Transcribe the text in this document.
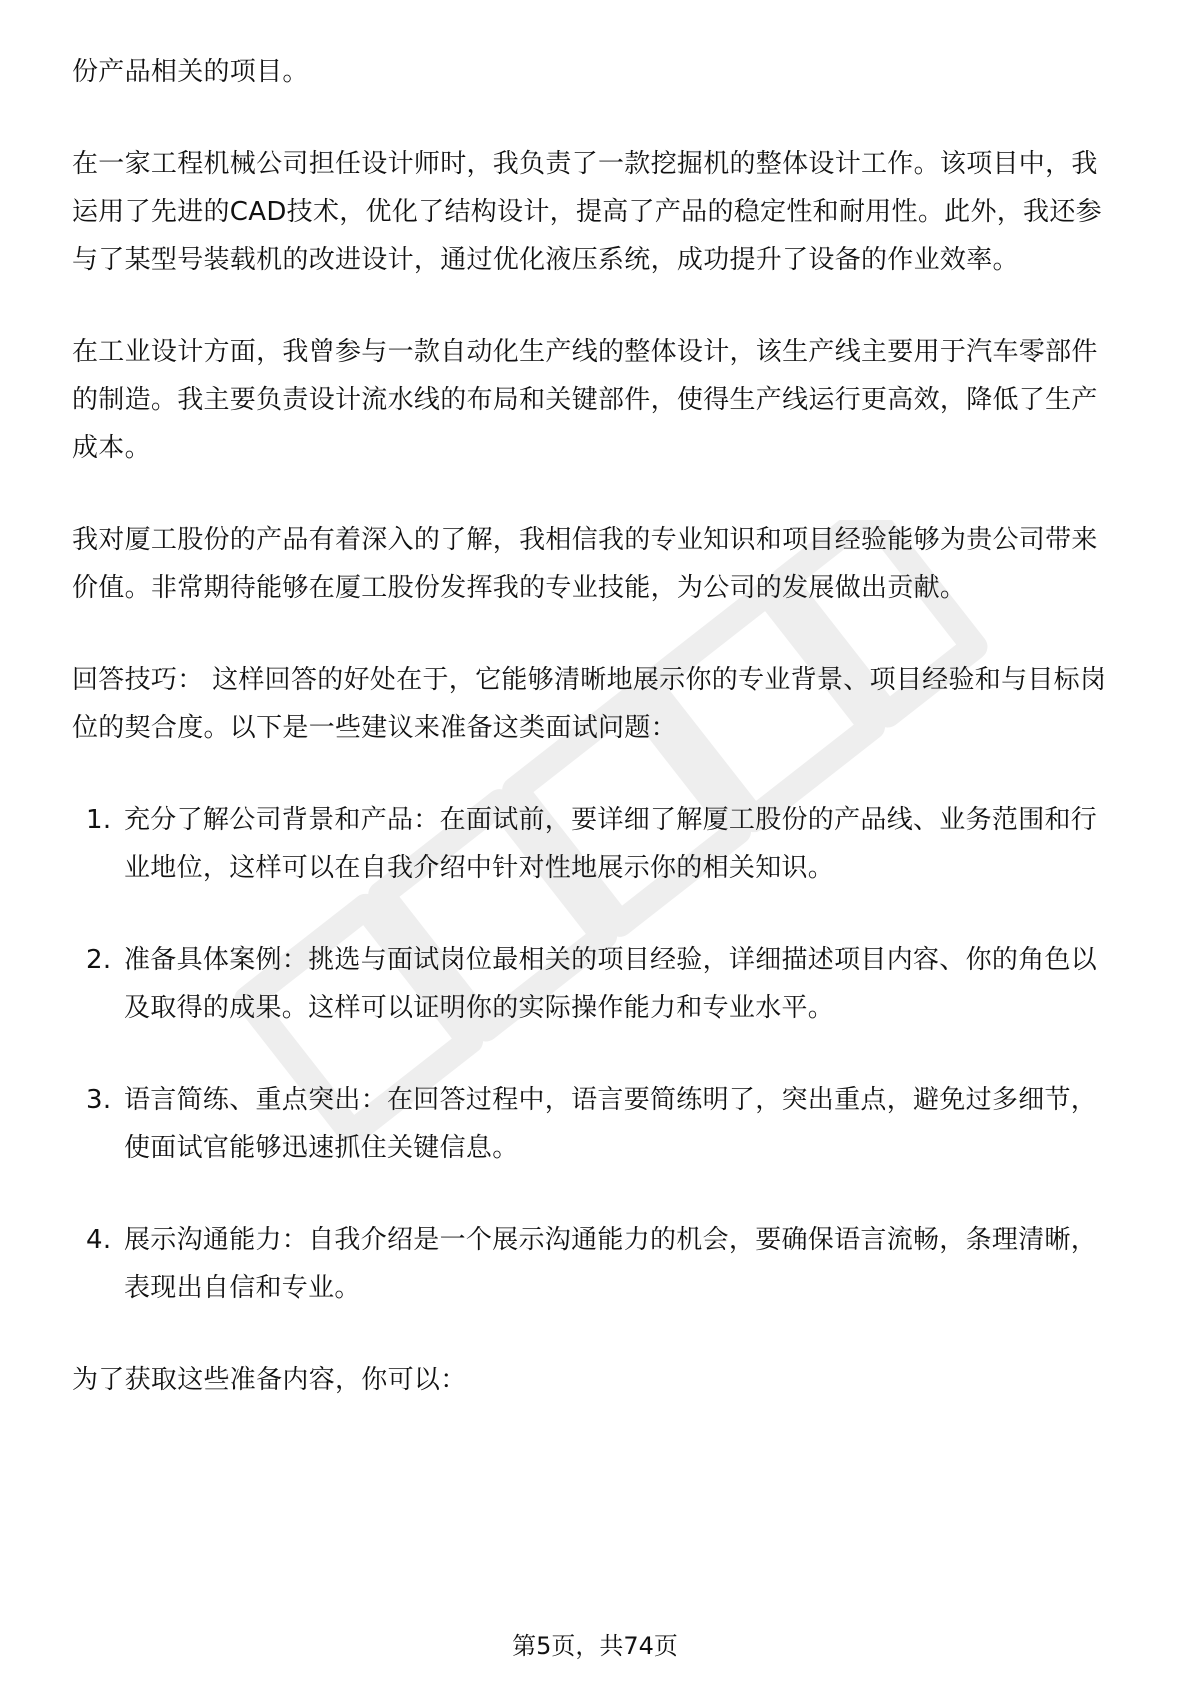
份产品相关的项目。

在一家工程机械公司担任设计师时，我负责了一款挖掘机的整体设计工作。该项目中，我运用了先进的CAD技术，优化了结构设计，提高了产品的稳定性和耐用性。此外，我还参与了某型号装载机的改进设计，通过优化液压系统，成功提升了设备的作业效率。

在工业设计方面，我曾参与一款自动化生产线的整体设计，该生产线主要用于汽车零部件的制造。我主要负责设计流水线的布局和关键部件，使得生产线运行更高效，降低了生产成本。

我对厦工股份的产品有着深入的了解，我相信我的专业知识和项目经验能够为贵公司带来价值。非常期待能够在厦工股份发挥我的专业技能，为公司的发展做出贡献。

回答技巧： 这样回答的好处在于，它能够清晰地展示你的专业背景、项目经验和与目标岗位的契合度。以下是一些建议来准备这类面试问题：

1. 充分了解公司背景和产品：在面试前，要详细了解厦工股份的产品线、业务范围和行业地位，这样可以在自我介绍中针对性地展示你的相关知识。
2. 准备具体案例：挑选与面试岗位最相关的项目经验，详细描述项目内容、你的角色以及取得的成果。这样可以证明你的实际操作能力和专业水平。
3. 语言简练、重点突出：在回答过程中，语言要简练明了，突出重点，避免过多细节，使面试官能够迅速抓住关键信息。
4. 展示沟通能力：自我介绍是一个展示沟通能力的机会，要确保语言流畅，条理清晰，表现出自信和专业。

为了获取这些准备内容，你可以：

第5页，共74页
